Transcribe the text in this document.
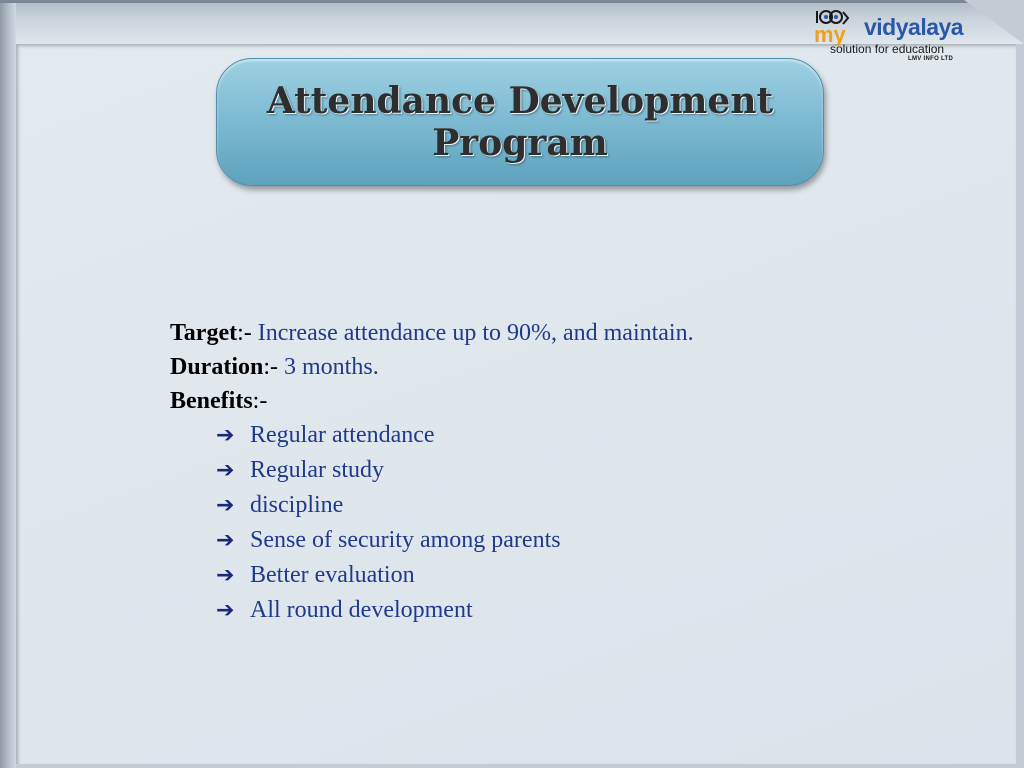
my vidyalaya
solution for education
LMV INFO LTD
Attendance Development Program
Target:- Increase attendance up to 90%, and maintain.
Duration:- 3 months.
Benefits:-
➔ Regular attendance
➔ Regular study
➔ discipline
➔ Sense of security among parents
➔ Better evaluation
➔ All round development
